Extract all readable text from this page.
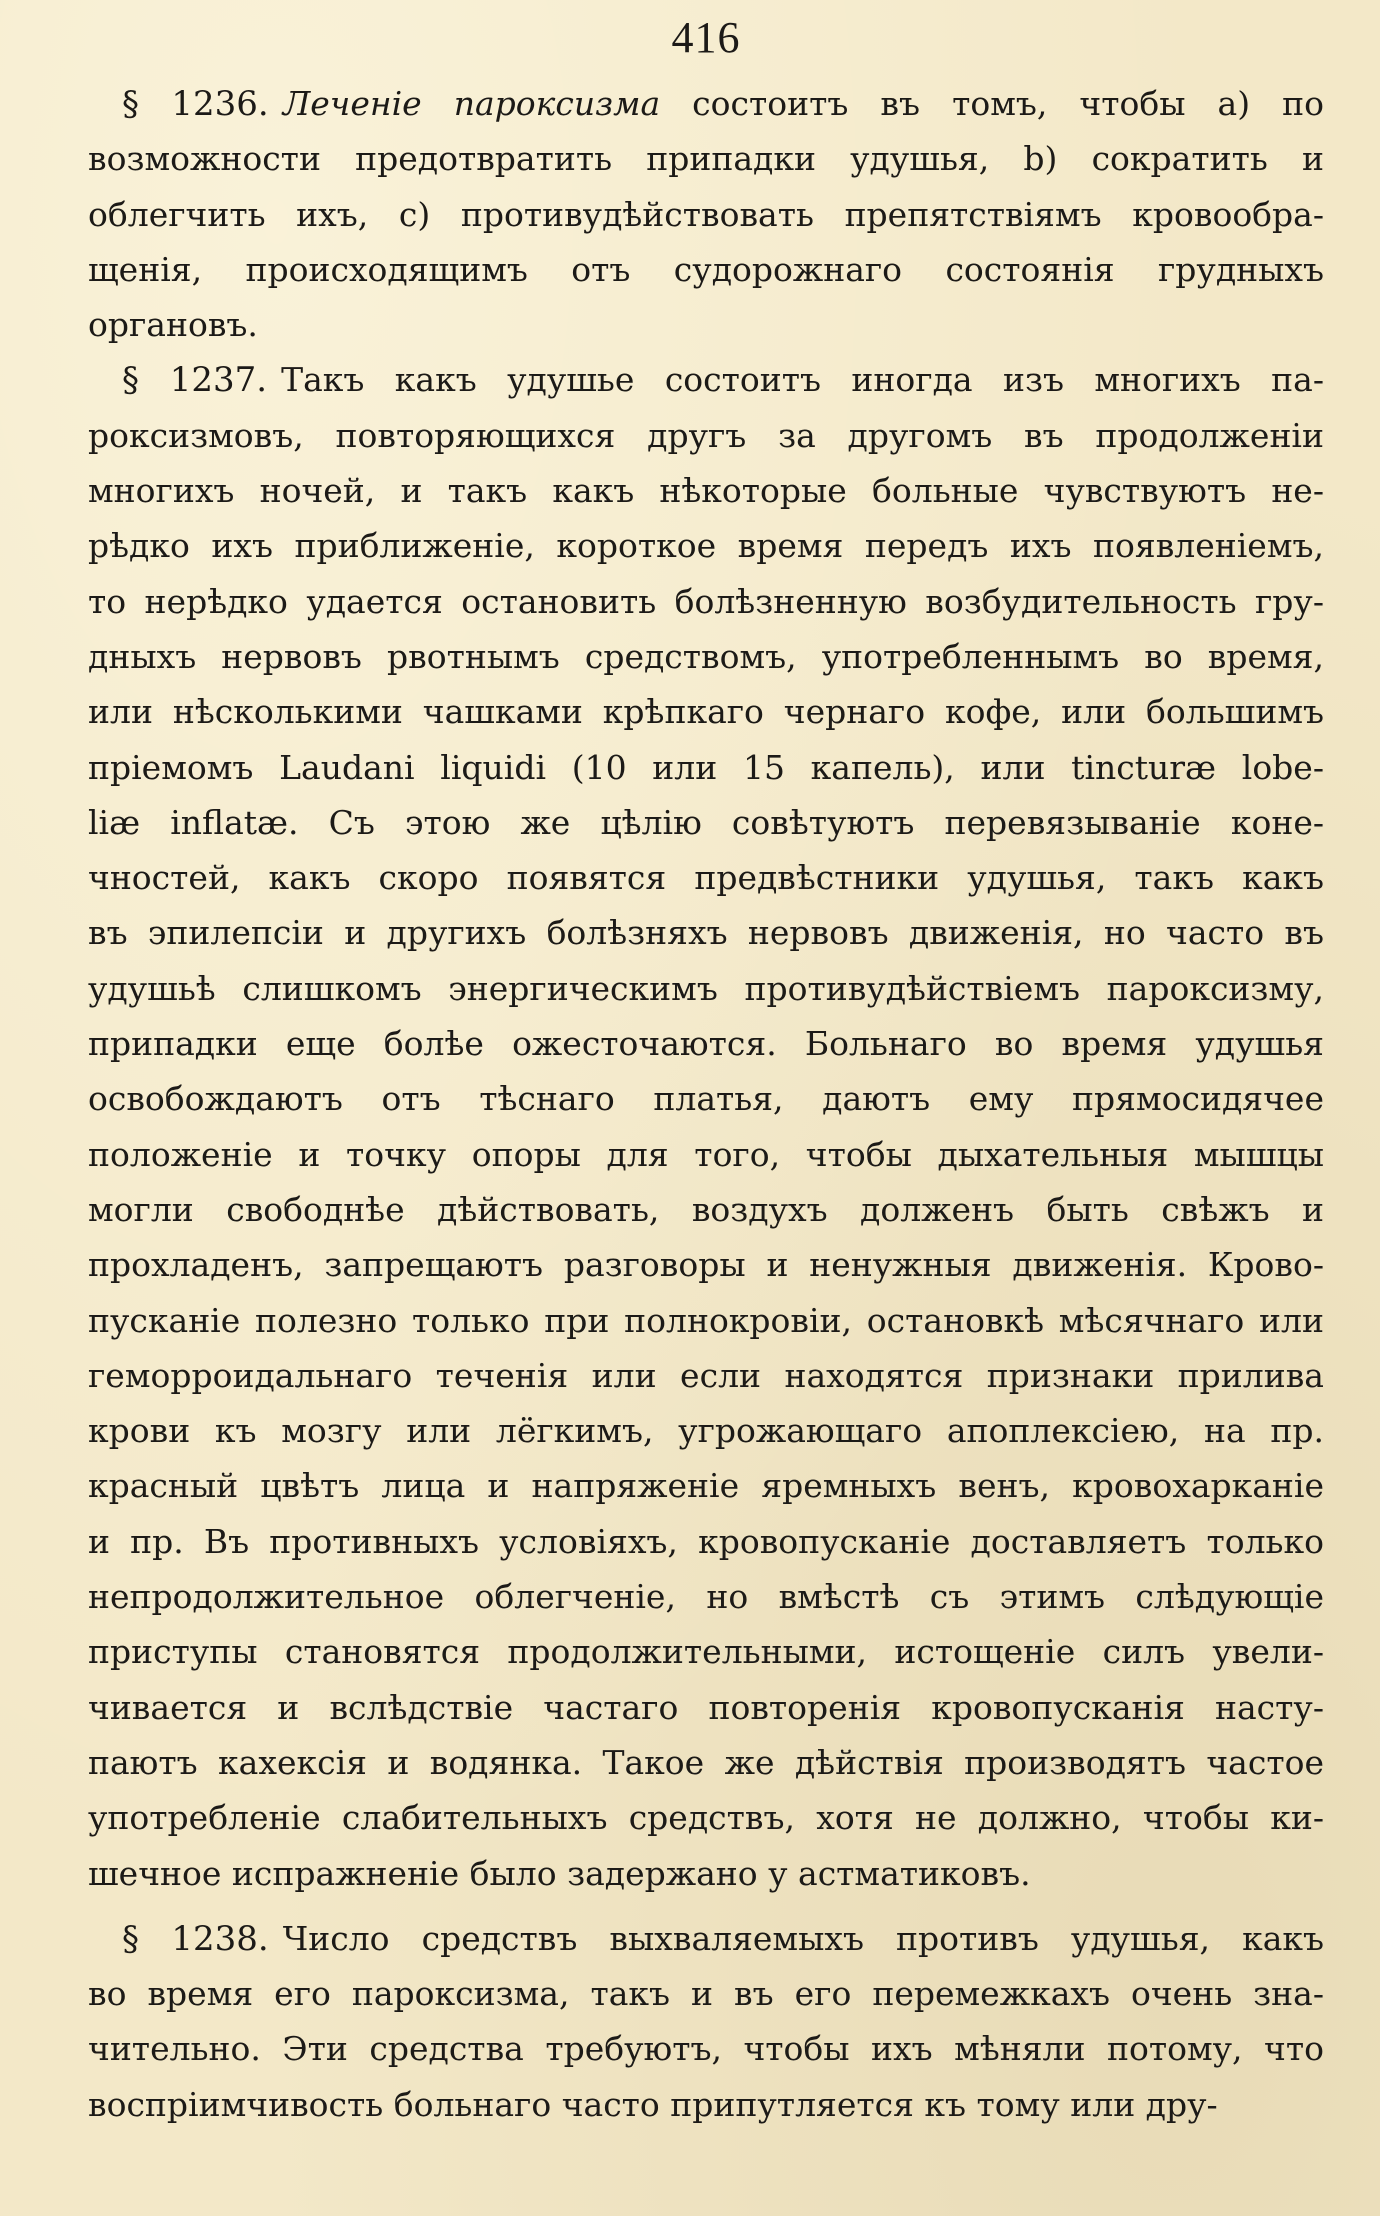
416
§ 1236. Леченіе пароксизма состоитъ въ томъ, чтобы a) по
возможности предотвратить припадки удушья, b) сократить и
облегчить ихъ, c) противудѣйствовать препятствіямъ кровообра-
щенія, происходящимъ отъ судорожнаго состоянія грудныхъ
органовъ.
§ 1237. Такъ какъ удушье состоитъ иногда изъ многихъ па-
роксизмовъ, повторяющихся другъ за другомъ въ продолженіи
многихъ ночей, и такъ какъ нѣкоторые больные чувствуютъ не-
рѣдко ихъ приближеніе, короткое время передъ ихъ появленіемъ,
то нерѣдко удается остановить болѣзненную возбудительность гру-
дныхъ нервовъ рвотнымъ средствомъ, употребленнымъ во время,
или нѣсколькими чашками крѣпкаго чернаго кофе, или большимъ
пріемомъ Laudani liquidi (10 или 15 капель), или tincturæ lobe-
liæ inflatæ. Съ этою же цѣлію совѣтуютъ перевязываніе коне-
чностей, какъ скоро появятся предвѣстники удушья, такъ какъ
въ эпилепсіи и другихъ болѣзняхъ нервовъ движенія, но часто въ
удушьѣ слишкомъ энергическимъ противудѣйствіемъ пароксизму,
припадки еще болѣе ожесточаются. Больнаго во время удушья
освобождаютъ отъ тѣснаго платья, даютъ ему прямосидячее
положеніе и точку опоры для того, чтобы дыхательныя мышцы
могли свободнѣе дѣйствовать, воздухъ долженъ быть свѣжъ и
прохладенъ, запрещаютъ разговоры и ненужныя движенія. Крово-
пусканіе полезно только при полнокровіи, остановкѣ мѣсячнаго или
геморроидальнаго теченія или если находятся признаки прилива
крови къ мозгу или лёгкимъ, угрожающаго апоплексіею, на пр.
красный цвѣтъ лица и напряженіе яремныхъ венъ, кровохарканіе
и пр. Въ противныхъ условіяхъ, кровопусканіе доставляетъ только
непродолжительное облегченіе, но вмѣстѣ съ этимъ слѣдующіе
приступы становятся продолжительными, истощеніе силъ увели-
чивается и вслѣдствіе частаго повторенія кровопусканія насту-
паютъ кахексія и водянка. Такое же дѣйствія производятъ частое
употребленіе слабительныхъ средствъ, хотя не должно, чтобы ки-
шечное испражненіе было задержано у астматиковъ.
§ 1238. Число средствъ выхваляемыхъ противъ удушья, какъ
во время его пароксизма, такъ и въ его перемежкахъ очень зна-
чительно. Эти средства требуютъ, чтобы ихъ мѣняли потому, что
воспріимчивость больнаго часто припутляется къ тому или дру-
